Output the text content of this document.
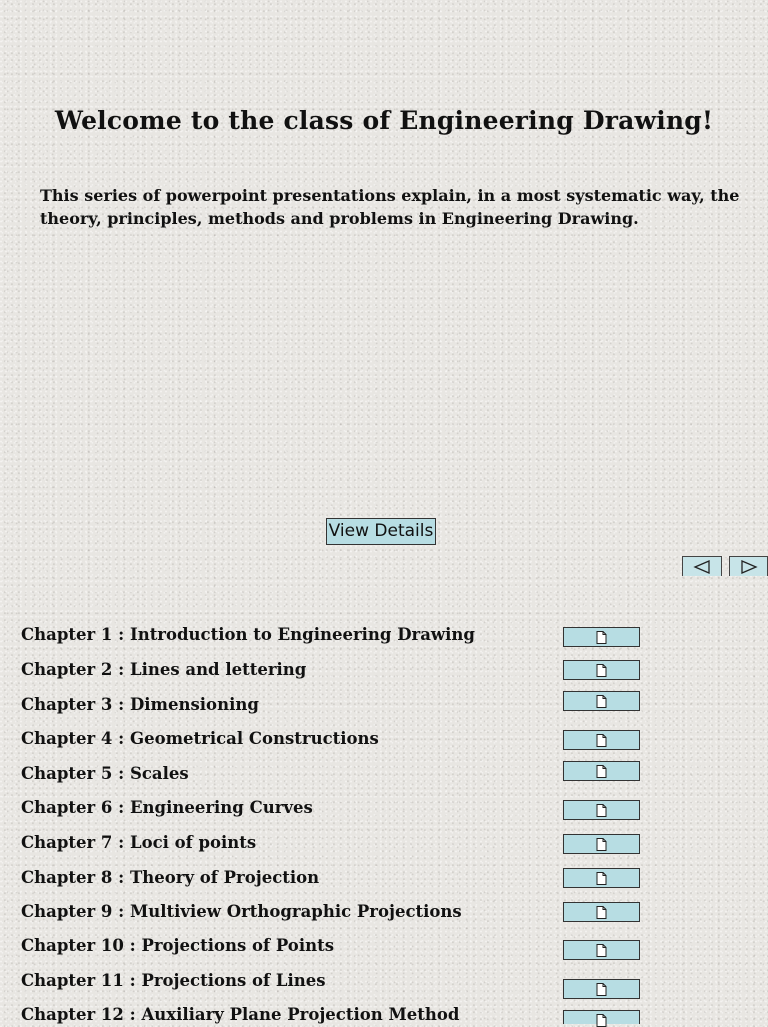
Welcome to the class of Engineering Drawing!
This series of powerpoint presentations explain, in a most systematic way, the theory, principles, methods and problems in Engineering Drawing.
View Details
Chapter 1 : Introduction to Engineering Drawing
Chapter 2 : Lines and lettering
Chapter 3 : Dimensioning
Chapter 4 : Geometrical Constructions
Chapter 5 : Scales
Chapter 6 : Engineering Curves
Chapter 7 : Loci of points
Chapter 8 : Theory of Projection
Chapter 9 : Multiview Orthographic Projections
Chapter 10 : Projections of Points
Chapter 11 : Projections of Lines
Chapter 12 : Auxiliary Plane Projection Method
